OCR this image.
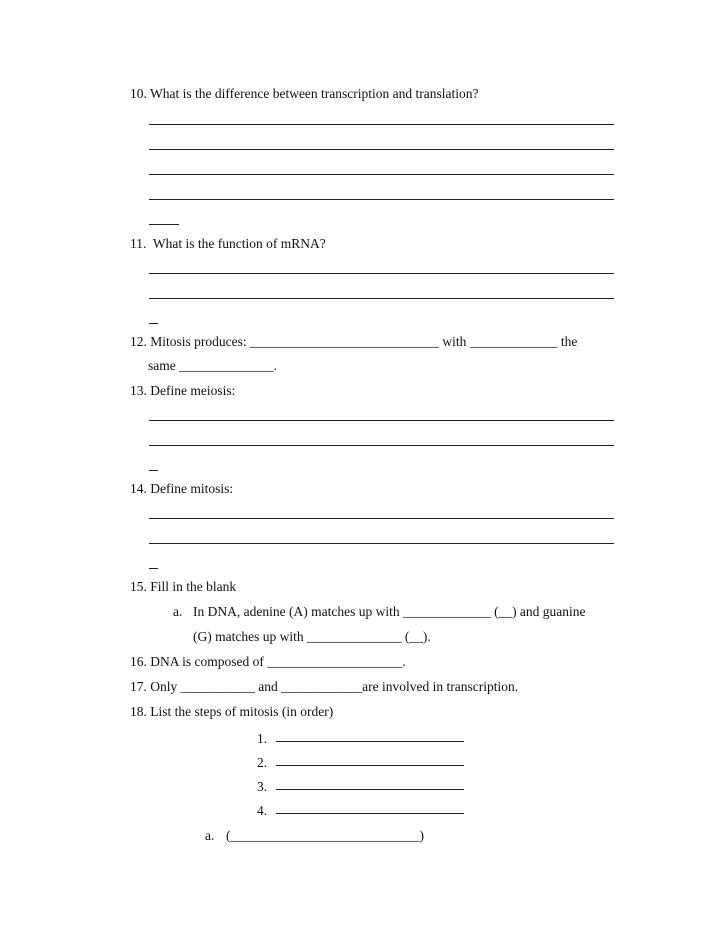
10. What is the difference between transcription and translation?
11.  What is the function of mRNA?
12. Mitosis produces: ____________________________ with _____________ the
same ______________.
13. Define meiosis:
14. Define mitosis:
15. Fill in the blank
a. In DNA, adenine (A) matches up with _____________ (__) and guanine
(G) matches up with ______________ (__).
16. DNA is composed of ____________________.
17. Only ___________ and ____________are involved in transcription.
18. List the steps of mitosis (in order)
1.
2.
3.
4.
a. (____________________________)
